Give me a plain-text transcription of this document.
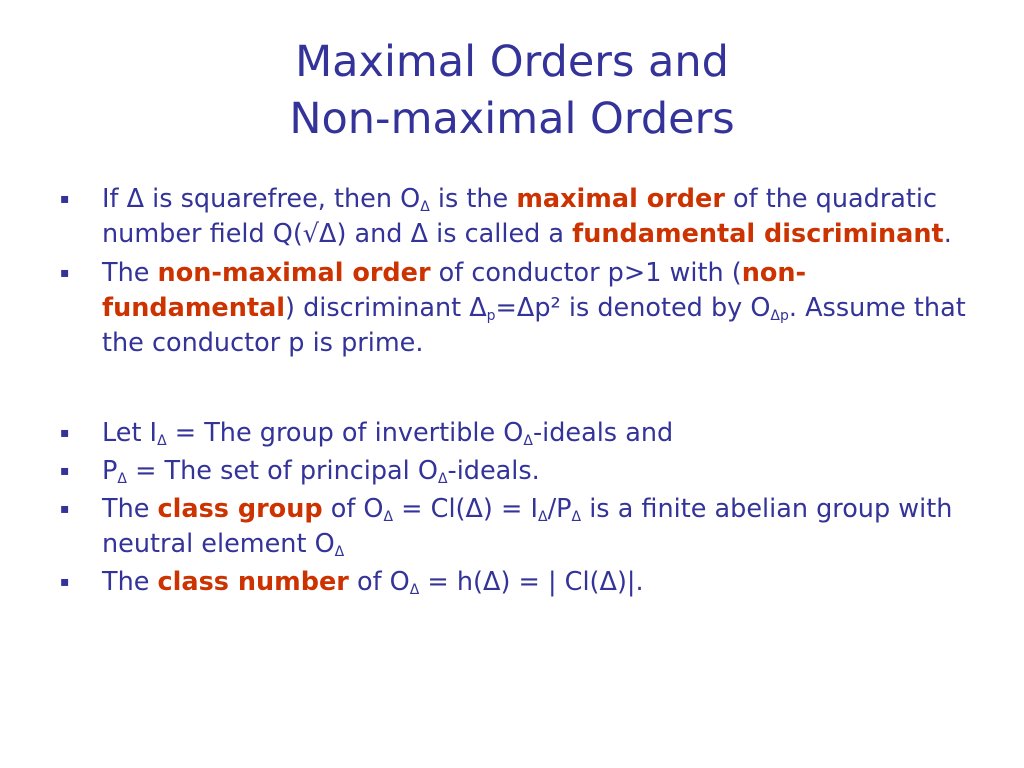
Maximal Orders and
Non-maximal Orders
▪	If Δ is squarefree, then $O_\Delta$ is the maximal order of the quadratic number field Q(√Δ) and Δ is called a fundamental discriminant.
▪	The non-maximal order of conductor p>1 with (non-fundamental) discriminant $\Delta_p=\Delta p^2$ is denoted by $O_{\Delta p}$. Assume that the conductor p is prime.
▪	Let $I_\Delta$ = The group of invertible $O_\Delta$-ideals and
▪	$P_\Delta$ = The set of principal $O_\Delta$-ideals.
▪	The class group of $O_\Delta = Cl(\Delta) = I_\Delta/P_\Delta$ is a finite abelian group with neutral element $O_\Delta$
▪	The class number of $O_\Delta = h(\Delta)$ = | Cl(Δ)|.
